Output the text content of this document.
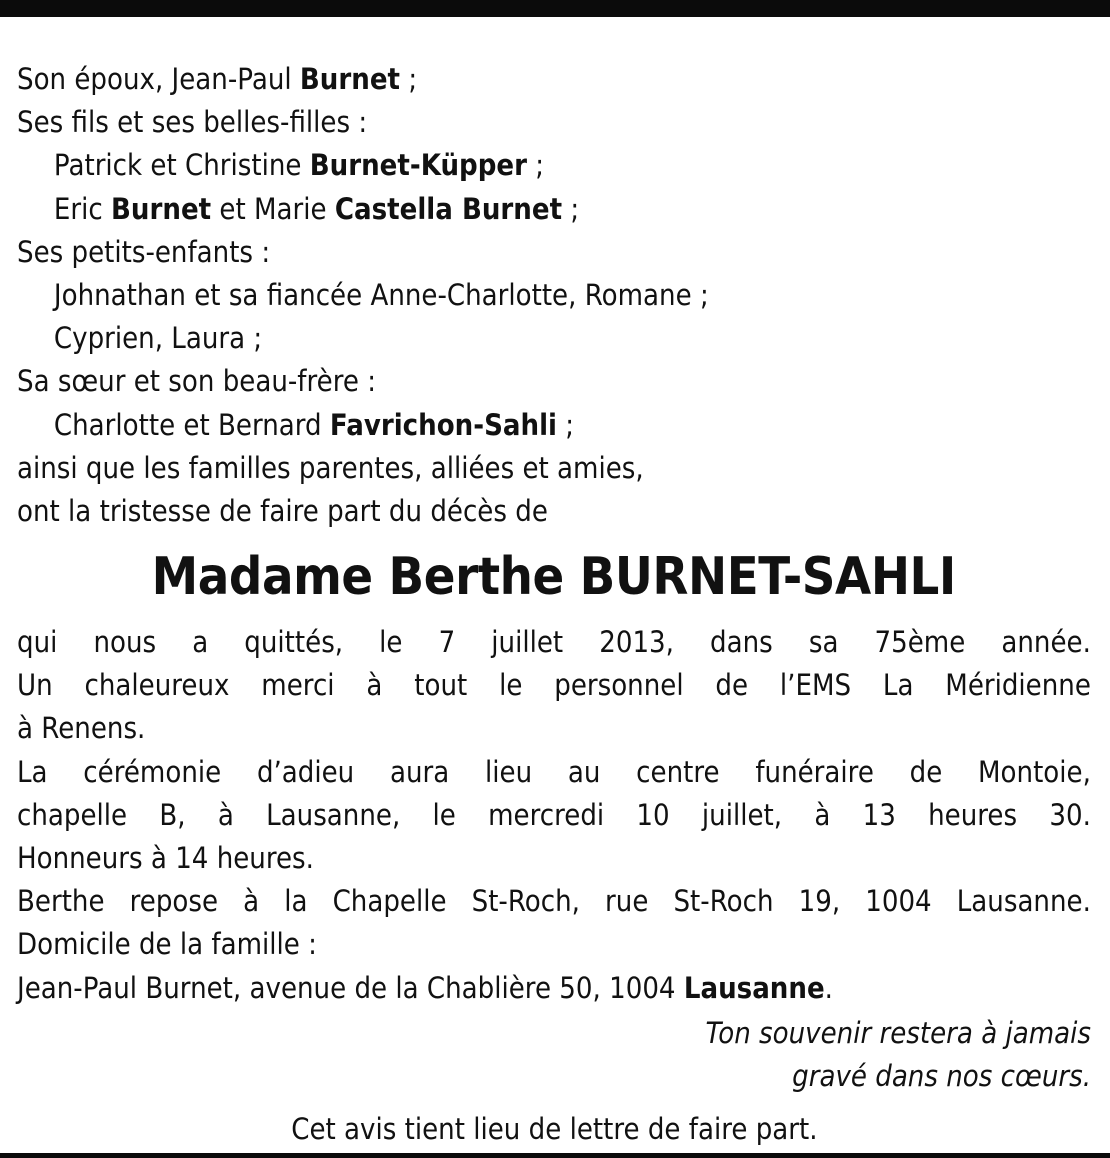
Son époux, Jean-Paul Burnet ;
Ses fils et ses belles-filles :
Patrick et Christine Burnet-Küpper ;
Eric Burnet et Marie Castella Burnet ;
Ses petits-enfants :
Johnathan et sa fiancée Anne-Charlotte, Romane ;
Cyprien, Laura ;
Sa sœur et son beau-frère :
Charlotte et Bernard Favrichon-Sahli ;
ainsi que les familles parentes, alliées et amies,
ont la tristesse de faire part du décès de
Madame Berthe BURNET-SAHLI
qui nous a quittés, le 7 juillet 2013, dans sa 75ème année.
Un chaleureux merci à tout le personnel de l’EMS La Méridienne
à Renens.
La cérémonie d’adieu aura lieu au centre funéraire de Montoie,
chapelle B, à Lausanne, le mercredi 10 juillet, à 13 heures 30.
Honneurs à 14 heures.
Berthe repose à la Chapelle St-Roch, rue St-Roch 19, 1004 Lausanne.
Domicile de la famille :
Jean-Paul Burnet, avenue de la Chablière 50, 1004 Lausanne.
Ton souvenir restera à jamais
gravé dans nos cœurs.
Cet avis tient lieu de lettre de faire part.
